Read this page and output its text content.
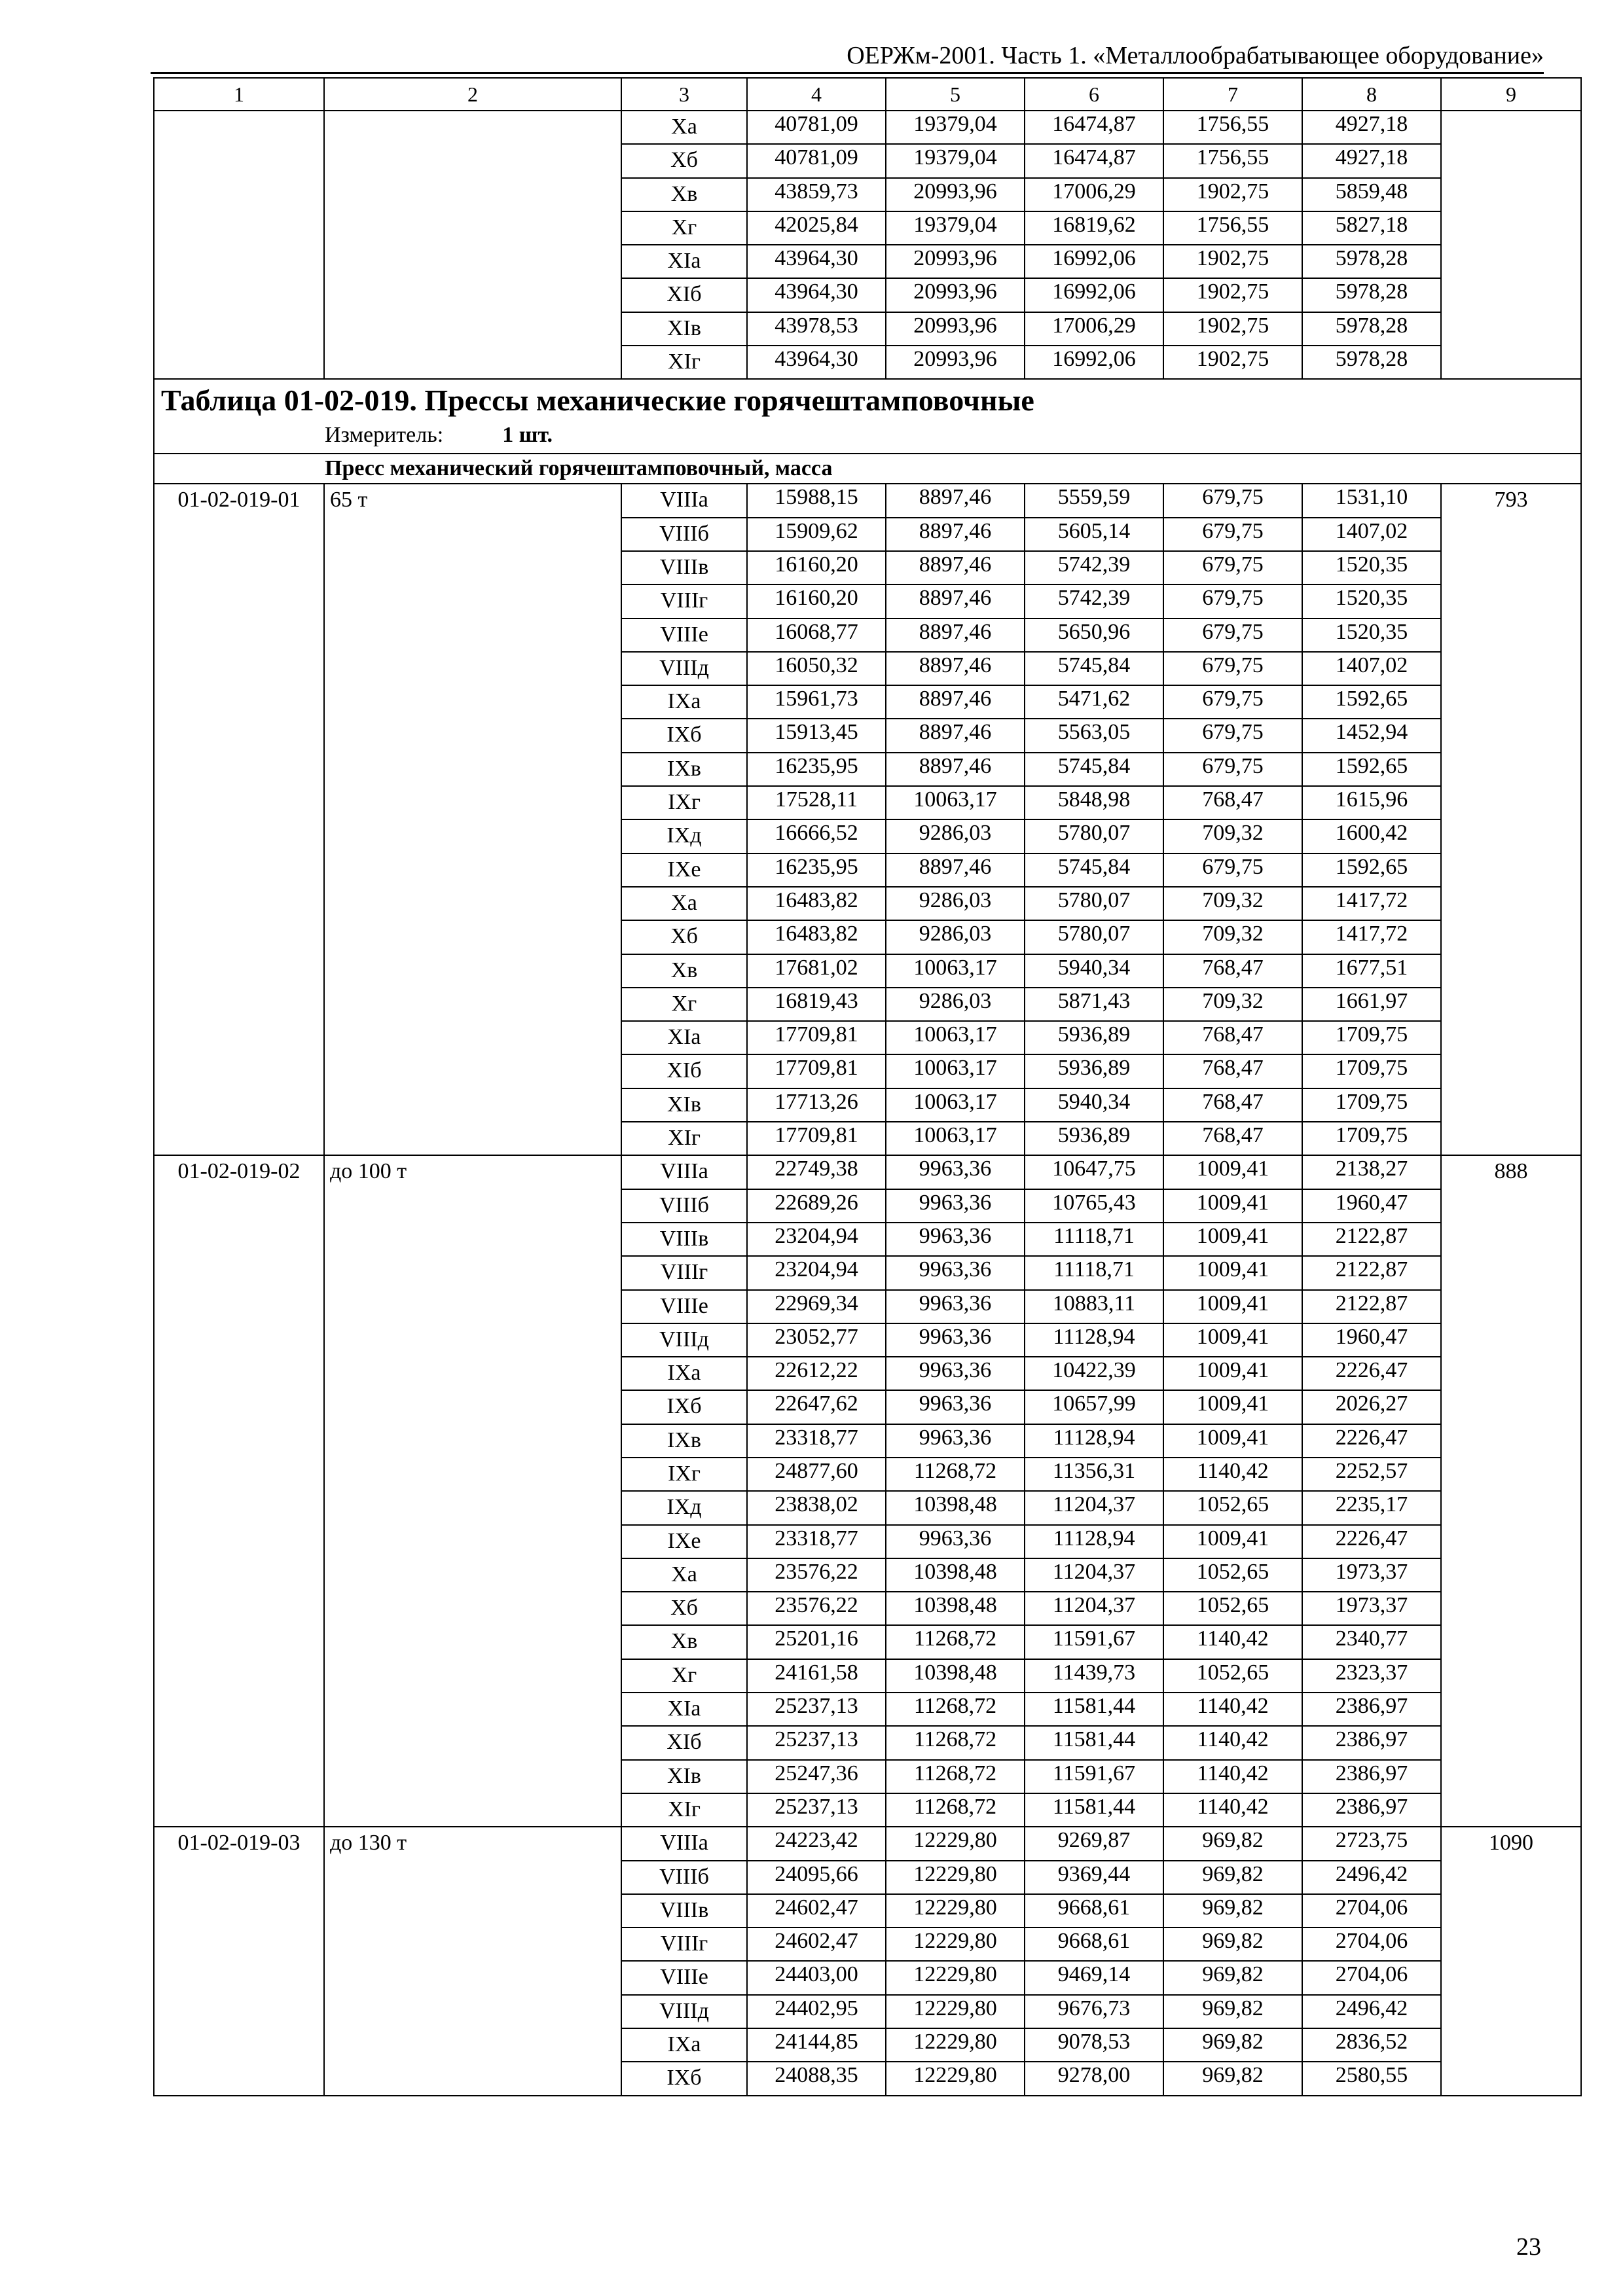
ОЕРЖм-2001. Часть 1. «Металлообрабатывающее оборудование»
1	2	3	4	5	6	7	8	9
		Xа	40781,09	19379,04	16474,87	1756,55	4927,18	
		Xб	40781,09	19379,04	16474,87	1756,55	4927,18	
		Xв	43859,73	20993,96	17006,29	1902,75	5859,48	
		Xг	42025,84	19379,04	16819,62	1756,55	5827,18	
		XIа	43964,30	20993,96	16992,06	1902,75	5978,28	
		XIб	43964,30	20993,96	16992,06	1902,75	5978,28	
		XIв	43978,53	20993,96	17006,29	1902,75	5978,28	
		XIг	43964,30	20993,96	16992,06	1902,75	5978,28	

Таблица 01-02-019. Прессы механические горячештамповочные
Измеритель: 1 шт.								

Пресс механический горячештамповочный, масса								

01-02-019-01	65 т	VIIIа	15988,15	8897,46	5559,59	679,75	1531,10	793
		VIIIб	15909,62	8897,46	5605,14	679,75	1407,02	
		VIIIв	16160,20	8897,46	5742,39	679,75	1520,35	
		VIIIг	16160,20	8897,46	5742,39	679,75	1520,35	
		VIIIе	16068,77	8897,46	5650,96	679,75	1520,35	
		VIIIд	16050,32	8897,46	5745,84	679,75	1407,02	
		IXа	15961,73	8897,46	5471,62	679,75	1592,65	
		IXб	15913,45	8897,46	5563,05	679,75	1452,94	
		IXв	16235,95	8897,46	5745,84	679,75	1592,65	
		IXг	17528,11	10063,17	5848,98	768,47	1615,96	
		IXд	16666,52	9286,03	5780,07	709,32	1600,42	
		IXе	16235,95	8897,46	5745,84	679,75	1592,65	
		Xа	16483,82	9286,03	5780,07	709,32	1417,72	
		Xб	16483,82	9286,03	5780,07	709,32	1417,72	
		Xв	17681,02	10063,17	5940,34	768,47	1677,51	
		Xг	16819,43	9286,03	5871,43	709,32	1661,97	
		XIа	17709,81	10063,17	5936,89	768,47	1709,75	
		XIб	17709,81	10063,17	5936,89	768,47	1709,75	
		XIв	17713,26	10063,17	5940,34	768,47	1709,75	
		XIг	17709,81	10063,17	5936,89	768,47	1709,75	
01-02-019-02	до 100 т	VIIIа	22749,38	9963,36	10647,75	1009,41	2138,27	888
		VIIIб	22689,26	9963,36	10765,43	1009,41	1960,47	
		VIIIв	23204,94	9963,36	11118,71	1009,41	2122,87	
		VIIIг	23204,94	9963,36	11118,71	1009,41	2122,87	
		VIIIе	22969,34	9963,36	10883,11	1009,41	2122,87	
		VIIIд	23052,77	9963,36	11128,94	1009,41	1960,47	
		IXа	22612,22	9963,36	10422,39	1009,41	2226,47	
		IXб	22647,62	9963,36	10657,99	1009,41	2026,27	
		IXв	23318,77	9963,36	11128,94	1009,41	2226,47	
		IXг	24877,60	11268,72	11356,31	1140,42	2252,57	
		IXд	23838,02	10398,48	11204,37	1052,65	2235,17	
		IXе	23318,77	9963,36	11128,94	1009,41	2226,47	
		Xа	23576,22	10398,48	11204,37	1052,65	1973,37	
		Xб	23576,22	10398,48	11204,37	1052,65	1973,37	
		Xв	25201,16	11268,72	11591,67	1140,42	2340,77	
		Xг	24161,58	10398,48	11439,73	1052,65	2323,37	
		XIа	25237,13	11268,72	11581,44	1140,42	2386,97	
		XIб	25237,13	11268,72	11581,44	1140,42	2386,97	
		XIв	25247,36	11268,72	11591,67	1140,42	2386,97	
		XIг	25237,13	11268,72	11581,44	1140,42	2386,97	
01-02-019-03	до 130 т	VIIIа	24223,42	12229,80	9269,87	969,82	2723,75	1090
		VIIIб	24095,66	12229,80	9369,44	969,82	2496,42	
		VIIIв	24602,47	12229,80	9668,61	969,82	2704,06	
		VIIIг	24602,47	12229,80	9668,61	969,82	2704,06	
		VIIIе	24403,00	12229,80	9469,14	969,82	2704,06	
		VIIIд	24402,95	12229,80	9676,73	969,82	2496,42	
		IXа	24144,85	12229,80	9078,53	969,82	2836,52	
		IXб	24088,35	12229,80	9278,00	969,82	2580,55	
23
